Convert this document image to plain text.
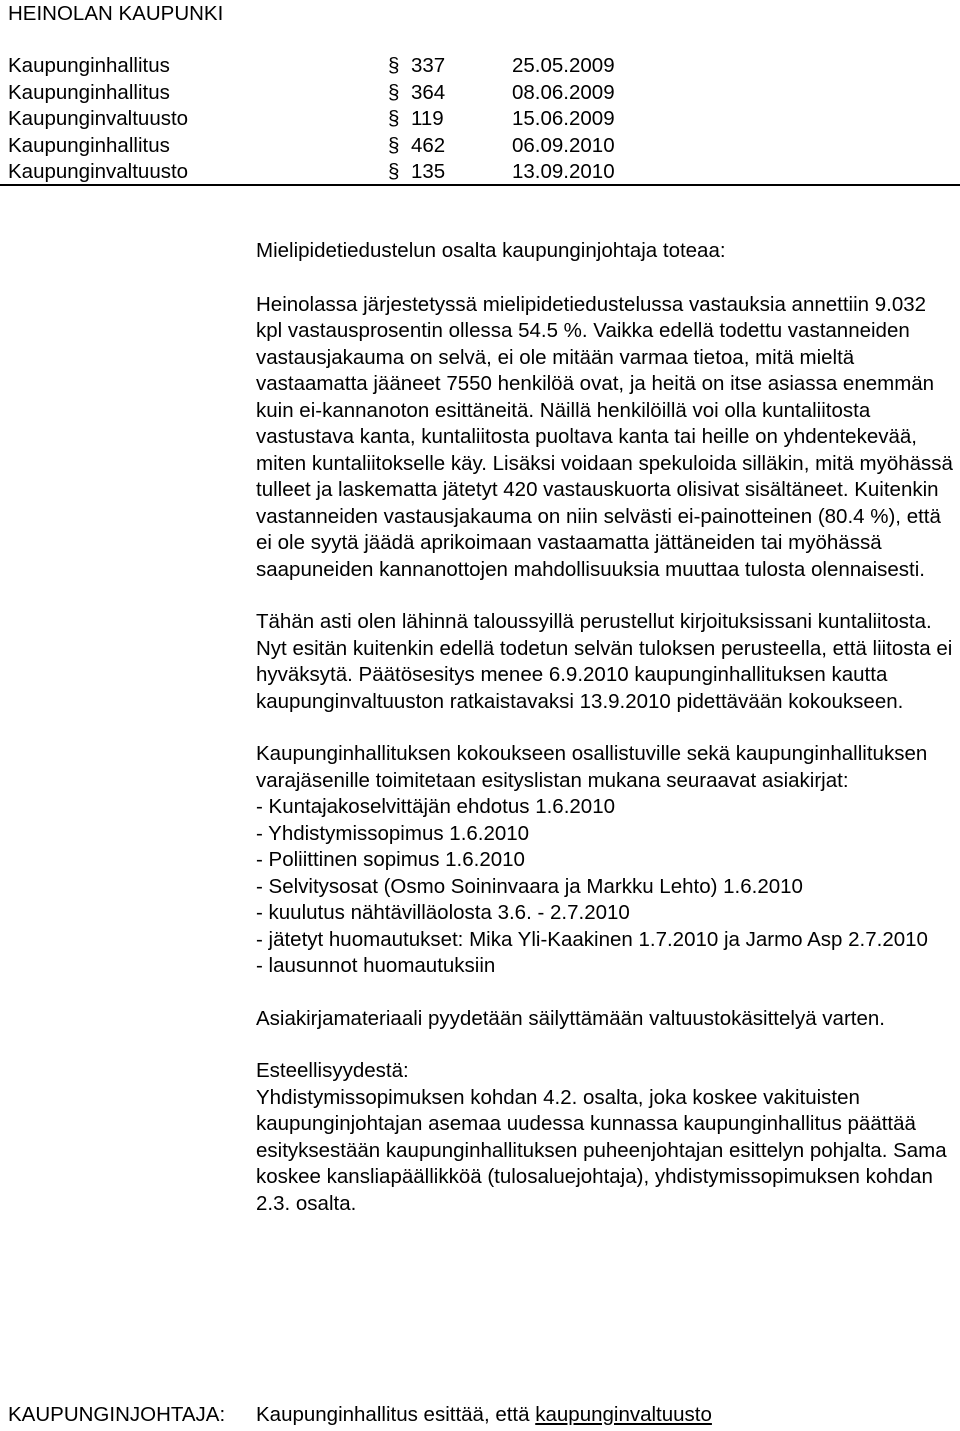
HEINOLAN KAUPUNKI
Kaupunginhallitus	§ 337	25.05.2009
Kaupunginhallitus	§ 364	08.06.2009
Kaupunginvaltuusto	§ 119	15.06.2009
Kaupunginhallitus	§ 462	06.09.2010
Kaupunginvaltuusto	§ 135	13.09.2010

Mielipidetiedustelun osalta kaupunginjohtaja toteaa:

Heinolassa järjestetyssä mielipidetiedustelussa vastauksia annettiin 9.032 kpl vastausprosentin ollessa 54.5 %. Vaikka edellä todettu vastanneiden vastausjakauma on selvä, ei ole mitään varmaa tietoa, mitä mieltä vastaamatta jääneet 7550 henkilöä ovat, ja heitä on itse asiassa enemmän kuin ei-kannanoton esittäneitä. Näillä henkilöillä voi olla kuntaliitosta vastustava kanta, kuntaliitosta puoltava kanta tai heille on yhdentekevää, miten kuntaliitokselle käy. Lisäksi voidaan spekuloida silläkin, mitä myöhässä tulleet ja laskematta jätetyt 420 vastauskuorta olisivat sisältäneet. Kuitenkin vastanneiden vastausjakauma on niin selvästi ei-painotteinen (80.4 %), että ei ole syytä jäädä aprikoimaan vastaamatta jättäneiden tai myöhässä saapuneiden kannanottojen mahdollisuuksia muuttaa tulosta olennaisesti.

Tähän asti olen lähinnä taloussyillä perustellut kirjoituksissani kuntaliitosta. Nyt esitän kuitenkin edellä todetun selvän tuloksen perusteella, että liitosta ei hyväksytä. Päätösesitys menee 6.9.2010 kaupunginhallituksen kautta kaupunginvaltuuston ratkaistavaksi 13.9.2010 pidettävään kokoukseen.

Kaupunginhallituksen kokoukseen osallistuville sekä kaupunginhallituksen varajäsenille toimitetaan esityslistan mukana seuraavat asiakirjat:

- Kuntajakoselvittäjän ehdotus 1.6.2010

- Yhdistymissopimus 1.6.2010

- Poliittinen sopimus 1.6.2010

- Selvitysosat (Osmo Soininvaara ja Markku Lehto) 1.6.2010

- kuulutus nähtävilläolosta 3.6. - 2.7.2010

- jätetyt huomautukset: Mika Yli-Kaakinen 1.7.2010 ja Jarmo Asp 2.7.2010

- lausunnot huomautuksiin

Asiakirjamateriaali pyydetään säilyttämään valtuustokäsittelyä varten.

Esteellisyydestä:

Yhdistymissopimuksen kohdan 4.2. osalta, joka koskee vakituisten kaupunginjohtajan asemaa uudessa kunnassa kaupunginhallitus päättää esityksestään kaupunginhallituksen puheenjohtajan esittelyn pohjalta. Sama koskee kansliapäällikköä (tulosaluejohtaja), yhdistymissopimuksen kohdan 2.3. osalta.

KAUPUNGINJOHTAJA: Kaupunginhallitus esittää, että kaupunginvaltuusto
